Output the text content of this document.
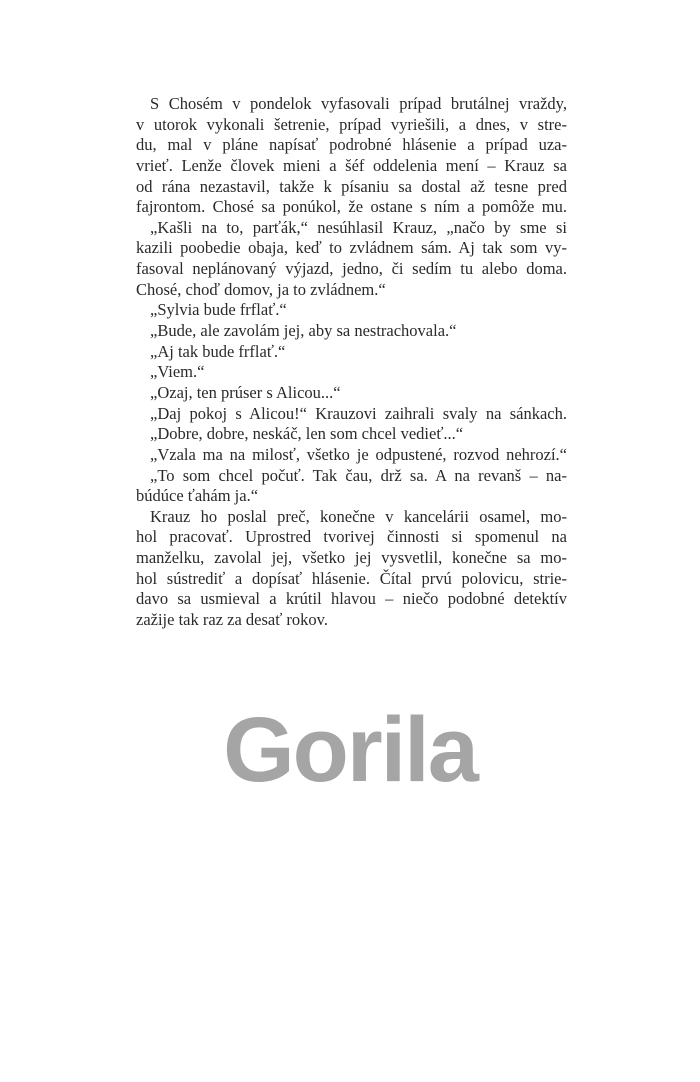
S Chosém v pondelok vyfasovali prípad brutálnej vraždy,
v utorok vykonali šetrenie, prípad vyriešili, a dnes, v stre-
du, mal v pláne napísať podrobné hlásenie a prípad uza-
vrieť. Lenže človek mieni a šéf oddelenia mení – Krauz sa
od rána nezastavil, takže k písaniu sa dostal až tesne pred
fajrontom. Chosé sa ponúkol, že ostane s ním a pomôže mu.
„Kašli na to, parťák,“ nesúhlasil Krauz, „načo by sme si
kazili poobedie obaja, keď to zvládnem sám. Aj tak som vy-
fasoval neplánovaný výjazd, jedno, či sedím tu alebo doma.
Chosé, choď domov, ja to zvládnem.“
„Sylvia bude frflať.“
„Bude, ale zavolám jej, aby sa nestrachovala.“
„Aj tak bude frflať.“
„Viem.“
„Ozaj, ten prúser s Alicou...“
„Daj pokoj s Alicou!“ Krauzovi zaihrali svaly na sánkach.
„Dobre, dobre, neskáč, len som chcel vedieť...“
„Vzala ma na milosť, všetko je odpustené, rozvod nehrozí.“
„To som chcel počuť. Tak čau, drž sa. A na revanš – na-
búdúce ťahám ja.“
Krauz ho poslal preč, konečne v kancelárii osamel, mo-
hol pracovať. Uprostred tvorivej činnosti si spomenul na
manželku, zavolal jej, všetko jej vysvetlil, konečne sa mo-
hol sústrediť a dopísať hlásenie. Čítal prvú polovicu, strie-
davo sa usmieval a krútil hlavou – niečo podobné detektív
zažije tak raz za desať rokov.
Gorila
